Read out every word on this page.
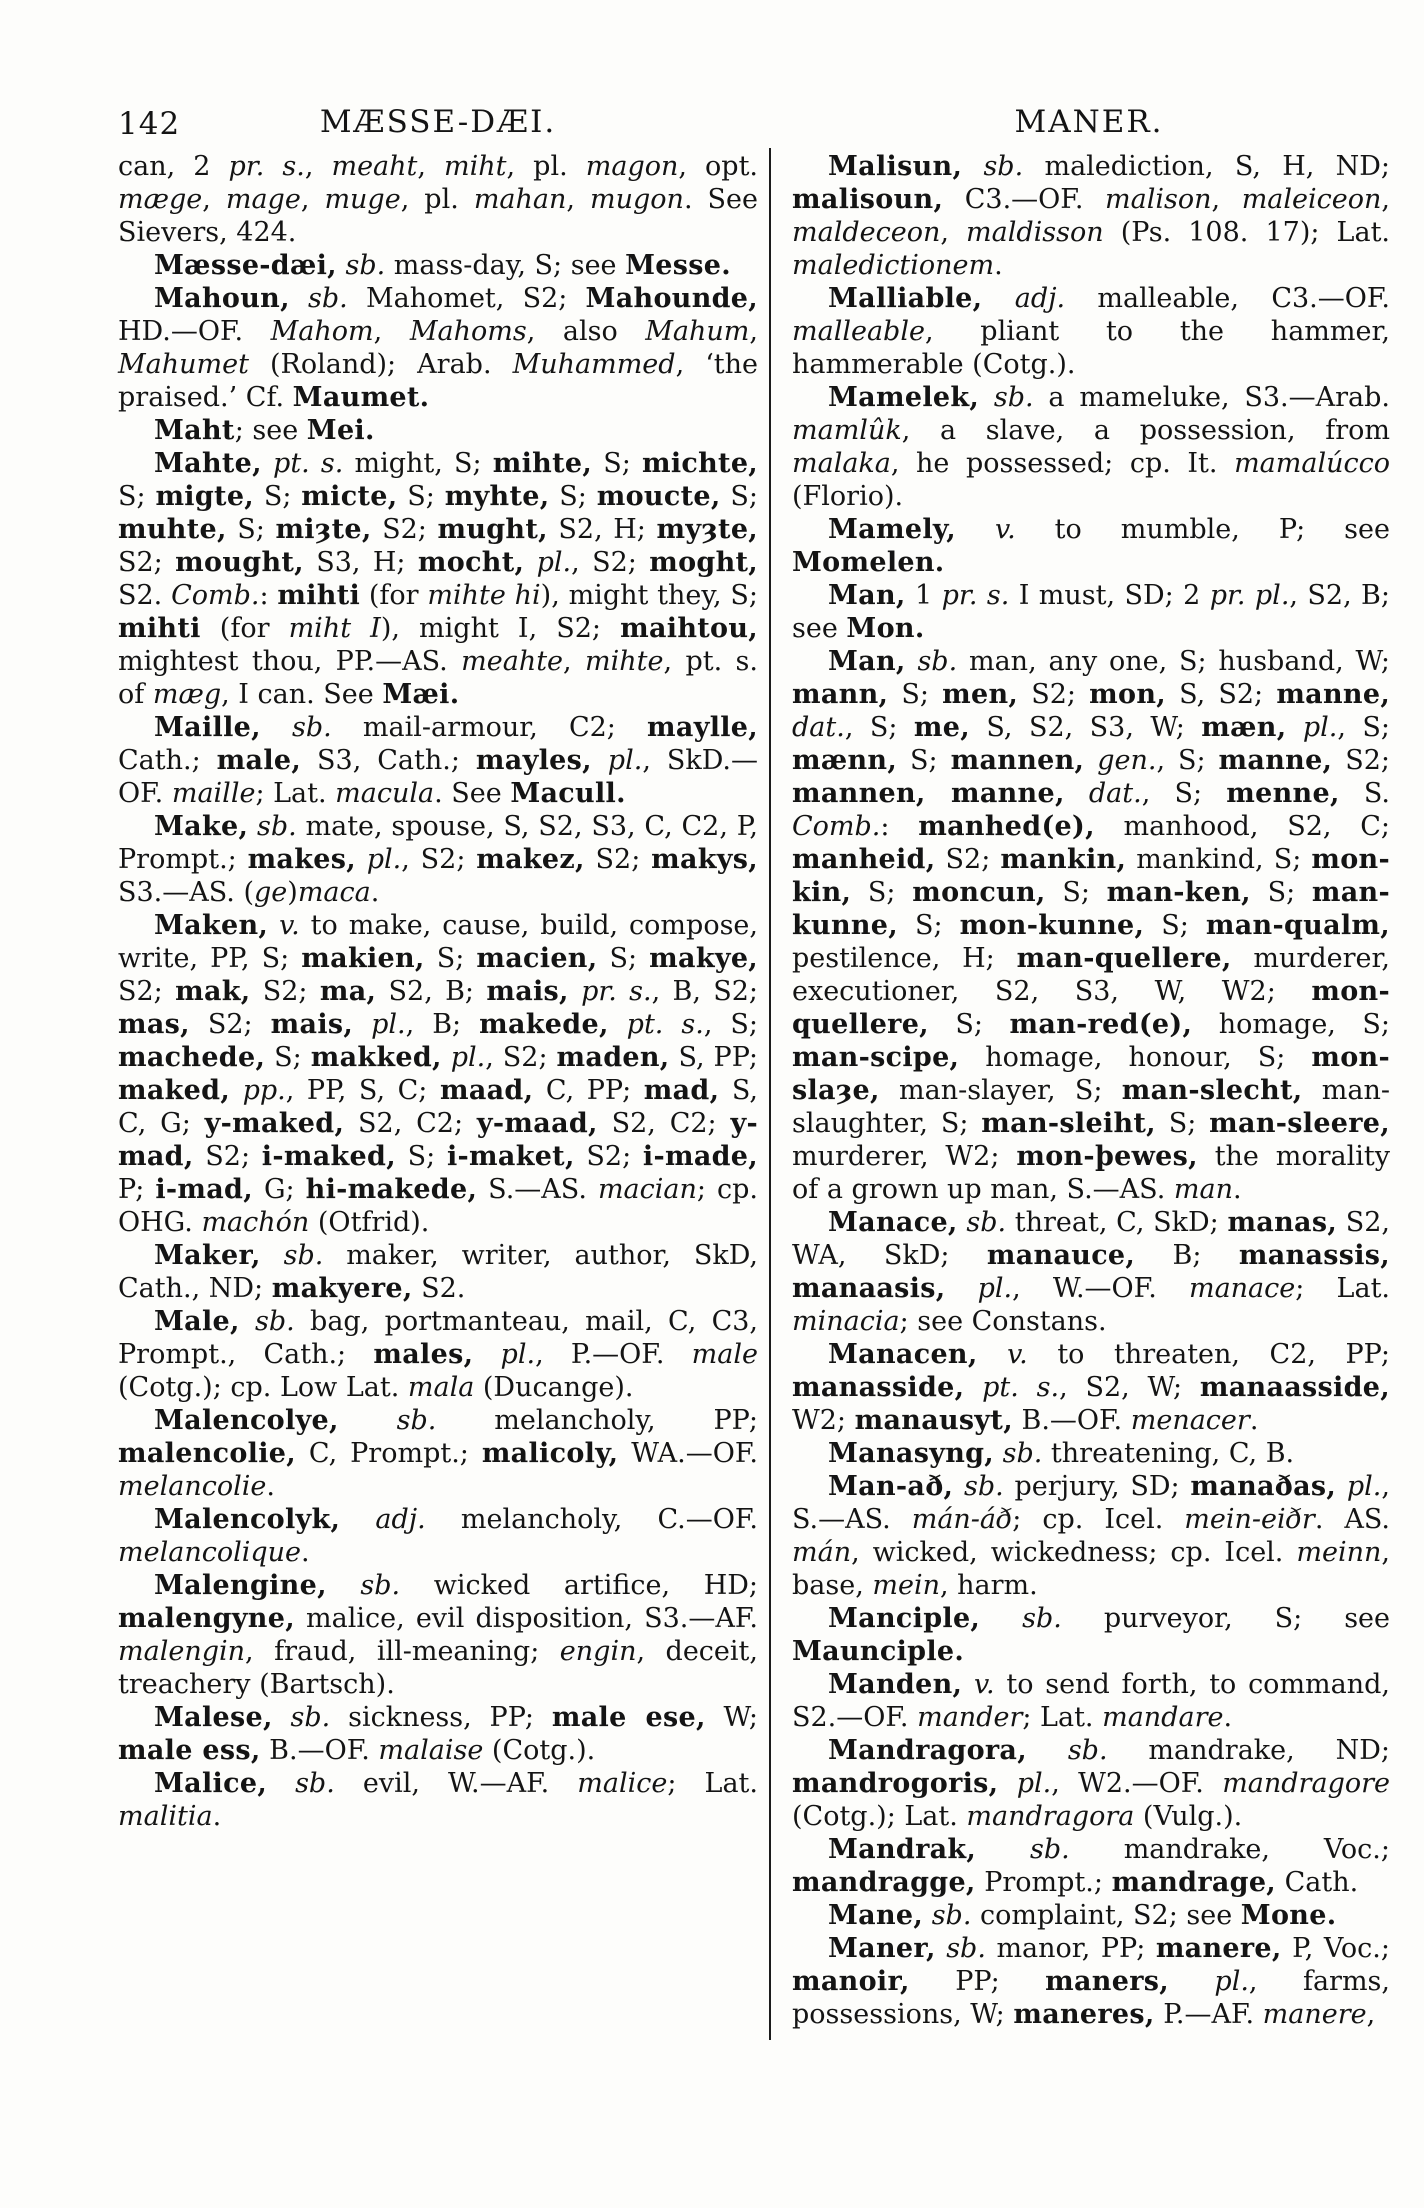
142	MÆSSE-DÆI.	MANER.

can, 2 pr. s., meaht, miht, pl. magon, opt. mæge, mage, muge, pl. mahan, mugon. See Sievers, 424.

Mæsse-dæi, sb. mass-day, S; see Messe.

Mahoun, sb. Mahomet, S2; Mahounde, HD.—OF. Mahom, Mahoms, also Mahum, Mahumet (Roland); Arab. Muhammed, ‘the praised.’ Cf. Maumet.

Maht; see Mei.

Mahte, pt. s. might, S; mihte, S; michte, S; migte, S; micte, S; myhte, S; moucte, S; muhte, S; miȝte, S2; mught, S2, H; myȝte, S2; mought, S3, H; mocht, pl., S2; moght, S2. Comb.: mihti (for mihte hi), might they, S; mihti (for miht I), might I, S2; maihtou, mightest thou, PP.—AS. meahte, mihte, pt. s. of mæg, I can. See Mæi.

Maille, sb. mail-armour, C2; maylle, Cath.; male, S3, Cath.; mayles, pl., SkD.—OF. maille; Lat. macula. See Macull.

Make, sb. mate, spouse, S, S2, S3, C, C2, P, Prompt.; makes, pl., S2; makez, S2; makys, S3.—AS. (ge)maca.

Maken, v. to make, cause, build, compose, write, PP, S; makien, S; macien, S; makye, S2; mak, S2; ma, S2, B; mais, pr. s., B, S2; mas, S2; mais, pl., B; makede, pt. s., S; machede, S; makked, pl., S2; maden, S, PP; maked, pp., PP, S, C; maad, C, PP; mad, S, C, G; y-maked, S2, C2; y-maad, S2, C2; y-mad, S2; i-maked, S; i-maket, S2; i-made, P; i-mad, G; hi-makede, S.—AS. macian; cp. OHG. machón (Otfrid).

Maker, sb. maker, writer, author, SkD, Cath., ND; makyere, S2.

Male, sb. bag, portmanteau, mail, C, C3, Prompt., Cath.; males, pl., P.—OF. male (Cotg.); cp. Low Lat. mala (Ducange).

Malencolye, sb. melancholy, PP; malencolie, C, Prompt.; malicoly, WA.—OF. melancolie.

Malencolyk, adj. melancholy, C.—OF. melancolique.

Malengine, sb. wicked artifice, HD; malengyne, malice, evil disposition, S3.—AF. malengin, fraud, ill-meaning; engin, deceit, treachery (Bartsch).

Malese, sb. sickness, PP; male ese, W; male ess, B.—OF. malaise (Cotg.).

Malice, sb. evil, W.—AF. malice; Lat. malitia.

Malisun, sb. malediction, S, H, ND; malisoun, C3.—OF. malison, maleiceon, maldeceon, maldisson (Ps. 108. 17); Lat. maledictionem.

Malliable, adj. malleable, C3.—OF. malleable, pliant to the hammer, hammerable (Cotg.).

Mamelek, sb. a mameluke, S3.—Arab. mamlûk, a slave, a possession, from malaka, he possessed; cp. It. mamalúcco (Florio).

Mamely, v. to mumble, P; see Momelen.

Man, 1 pr. s. I must, SD; 2 pr. pl., S2, B; see Mon.

Man, sb. man, any one, S; husband, W; mann, S; men, S2; mon, S, S2; manne, dat., S; me, S, S2, S3, W; mæn, pl., S; mænn, S; mannen, gen., S; manne, S2; mannen, manne, dat., S; menne, S. Comb.: manhed(e), manhood, S2, C; manheid, S2; mankin, mankind, S; mon-kin, S; moncun, S; man-ken, S; man-kunne, S; mon-kunne, S; man-qualm, pestilence, H; man-quellere, murderer, executioner, S2, S3, W, W2; mon-quellere, S; man-red(e), homage, S; man-scipe, homage, honour, S; mon-slaȝe, man-slayer, S; man-slecht, man-slaughter, S; man-sleiht, S; man-sleere, murderer, W2; mon-þewes, the morality of a grown up man, S.—AS. man.

Manace, sb. threat, C, SkD; manas, S2, WA, SkD; manauce, B; manassis, manaasis, pl., W.—OF. manace; Lat. minacia; see Constans.

Manacen, v. to threaten, C2, PP; manasside, pt. s., S2, W; manaasside, W2; manausyt, B.—OF. menacer.

Manasyng, sb. threatening, C, B.

Man-að, sb. perjury, SD; manaðas, pl., S.—AS. mán-áð; cp. Icel. mein-eiðr. AS. mán, wicked, wickedness; cp. Icel. meinn, base, mein, harm.

Manciple, sb. purveyor, S; see Maunciple.

Manden, v. to send forth, to command, S2.—OF. mander; Lat. mandare.

Mandragora, sb. mandrake, ND; mandrogoris, pl., W2.—OF. mandragore (Cotg.); Lat. mandragora (Vulg.).

Mandrak, sb. mandrake, Voc.; mandragge, Prompt.; mandrage, Cath.

Mane, sb. complaint, S2; see Mone.

Maner, sb. manor, PP; manere, P, Voc.; manoir, PP; maners, pl., farms, possessions, W; maneres, P.—AF. manere,
